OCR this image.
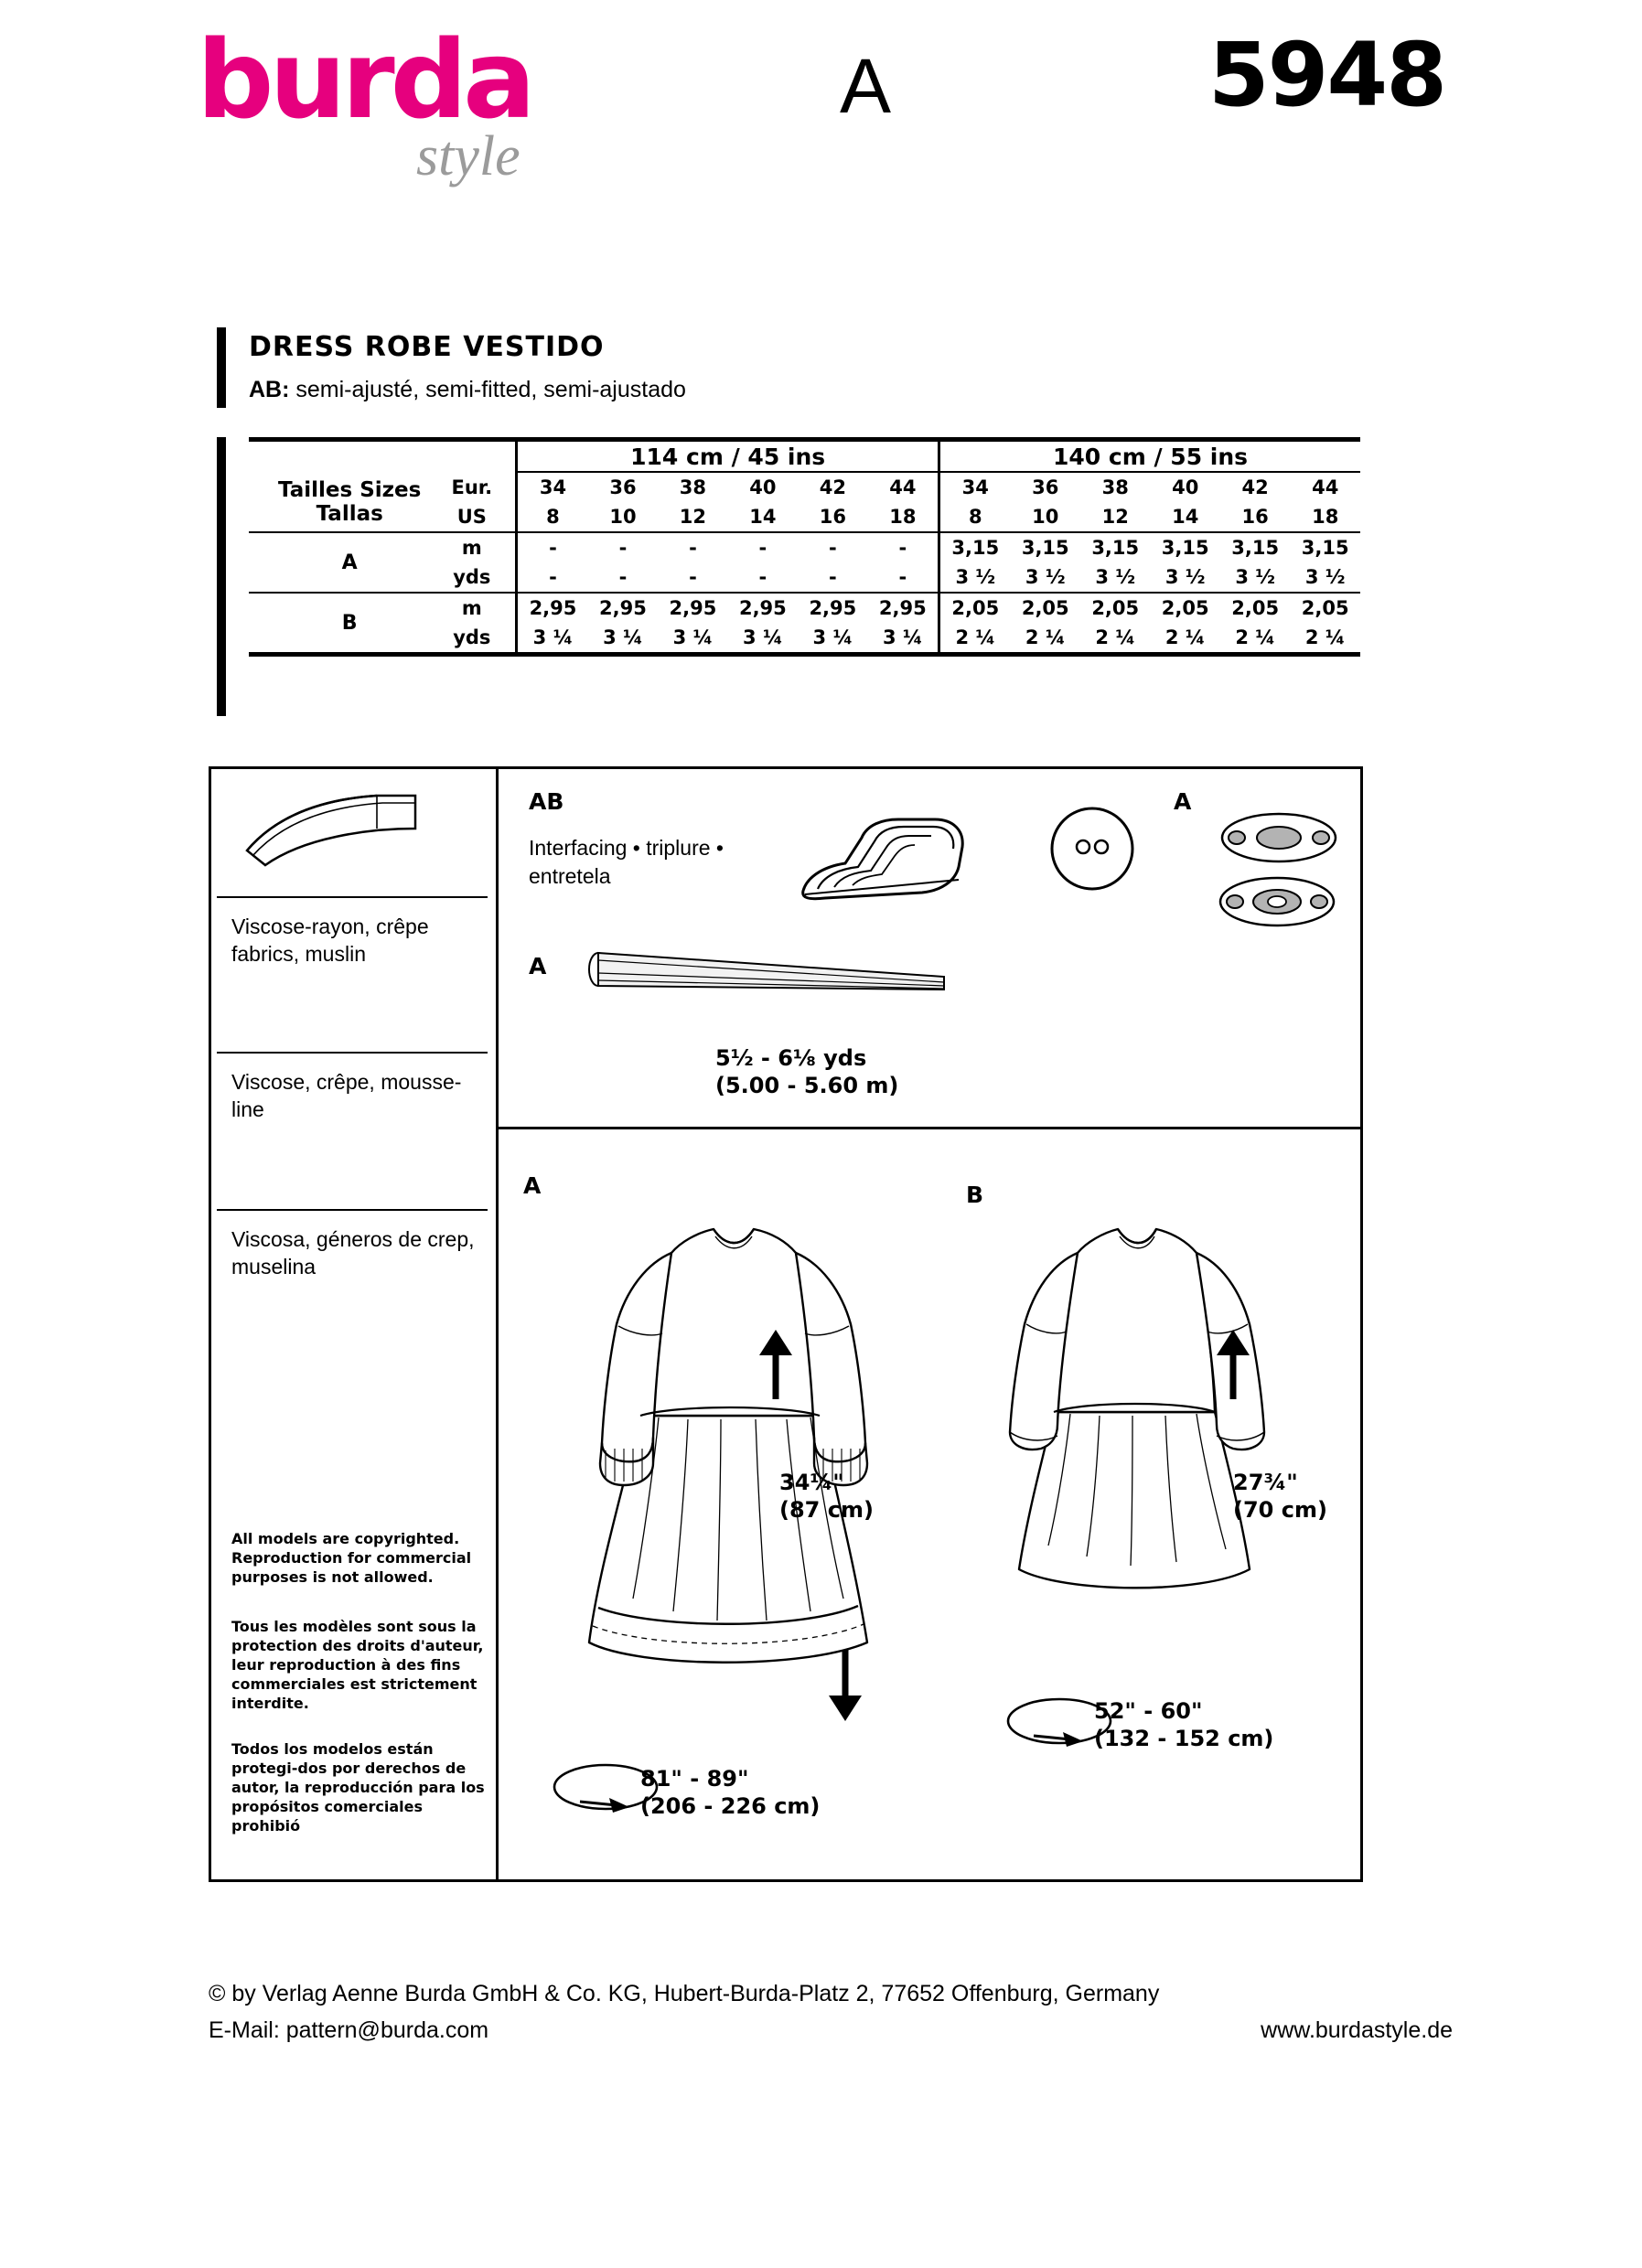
burda
style
A	5948
DRESS ROBE VESTIDO
AB: semi-ajusté, semi-fitted, semi-ajustado
		114 cm / 45 ins						140 cm / 55 ins					
Tailles Sizes Tallas	Eur.	34	36	38	40	42	44	34	36	38	40	42	44
	US	8	10	12	14	16	18	8	10	12	14	16	18
A	m	-	-	-	-	-	-	3,15	3,15	3,15	3,15	3,15	3,15
	yds	-	-	-	-	-	-	3 ½	3 ½	3 ½	3 ½	3 ½	3 ½
B	m	2,95	2,95	2,95	2,95	2,95	2,95	2,05	2,05	2,05	2,05	2,05	2,05
	yds	3 ¼	3 ¼	3 ¼	3 ¼	3 ¼	3 ¼	2 ¼	2 ¼	2 ¼	2 ¼	2 ¼	2 ¼
Viscose-rayon, crêpe fabrics, muslin
Viscose, crêpe, mousse-line
Viscosa, géneros de crep, muselina
All models are copyrighted. Reproduction for commercial purposes is not allowed.
Tous les modèles sont sous la protection des droits d'auteur, leur reproduction à des fins commerciales est strictement interdite.
Todos los modelos están protegi-dos por derechos de autor, la reproducción para los propósitos comerciales prohibió
AB
Interfacing • triplure • entretela
A
A
5½ - 6⅛ yds
(5.00 - 5.60 m)
A	B
34¼"
(87 cm)
81" - 89"
(206 - 226 cm)
27¾"
(70 cm)
52" - 60"
(132 - 152 cm)
© by Verlag Aenne Burda GmbH & Co. KG, Hubert-Burda-Platz 2, 77652 Offenburg, Germany
E-Mail: pattern@burda.com	www.burdastyle.de
